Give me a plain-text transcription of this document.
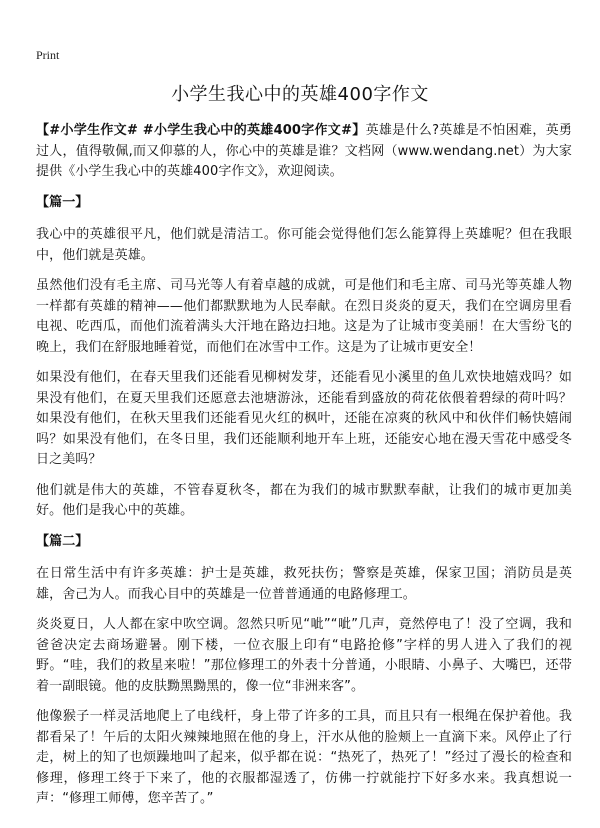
Print
小学生我心中的英雄400字作文

【#小学生作文# #小学生我心中的英雄400字作文#】英雄是什么?英雄是不怕困难，英勇过人，值得敬佩,而又仰慕的人，你心中的英雄是谁？文档网（www.wendang.net）为大家提供《小学生我心中的英雄400字作文》，欢迎阅读。

【篇一】

我心中的英雄很平凡，他们就是清洁工。你可能会觉得他们怎么能算得上英雄呢？但在我眼中，他们就是英雄。

虽然他们没有毛主席、司马光等人有着卓越的成就，可是他们和毛主席、司马光等英雄人物一样都有英雄的精神——他们都默默地为人民奉献。在烈日炎炎的夏天，我们在空调房里看电视、吃西瓜，而他们流着满头大汗地在路边扫地。这是为了让城市变美丽！在大雪纷飞的晚上，我们在舒服地睡着觉，而他们在冰雪中工作。这是为了让城市更安全！

如果没有他们，在春天里我们还能看见柳树发芽，还能看见小溪里的鱼儿欢快地嬉戏吗？如果没有他们，在夏天里我们还愿意去池塘游泳，还能看到盛放的荷花依偎着碧绿的荷叶吗？如果没有他们，在秋天里我们还能看见火红的枫叶，还能在凉爽的秋风中和伙伴们畅快嬉闹吗？如果没有他们，在冬日里，我们还能顺利地开车上班，还能安心地在漫天雪花中感受冬日之美吗？

他们就是伟大的英雄，不管春夏秋冬，都在为我们的城市默默奉献，让我们的城市更加美好。他们是我心中的英雄。

【篇二】

在日常生活中有许多英雄：护士是英雄，救死扶伤；警察是英雄，保家卫国；消防员是英雄，舍己为人。而我心目中的英雄是一位普普通通的电路修理工。

炎炎夏日，人人都在家中吹空调。忽然只听见“呲”“呲”几声，竟然停电了！没了空调，我和爸爸决定去商场避暑。刚下楼，一位衣服上印有“电路抢修”字样的男人进入了我们的视野。“哇，我们的救星来啦！”那位修理工的外表十分普通，小眼睛、小鼻子、大嘴巴，还带着一副眼镜。他的皮肤黝黑黝黑的，像一位“非洲来客”。

他像猴子一样灵活地爬上了电线杆，身上带了许多的工具，而且只有一根绳在保护着他。我都看呆了！午后的太阳火辣辣地照在他的身上，汗水从他的脸颊上一直滴下来。风停止了行走，树上的知了也烦躁地叫了起来，似乎都在说：“热死了，热死了！”经过了漫长的检查和修理，修理工终于下来了，他的衣服都湿透了，仿佛一拧就能拧下好多水来。我真想说一声：“修理工师傅，您辛苦了。”
